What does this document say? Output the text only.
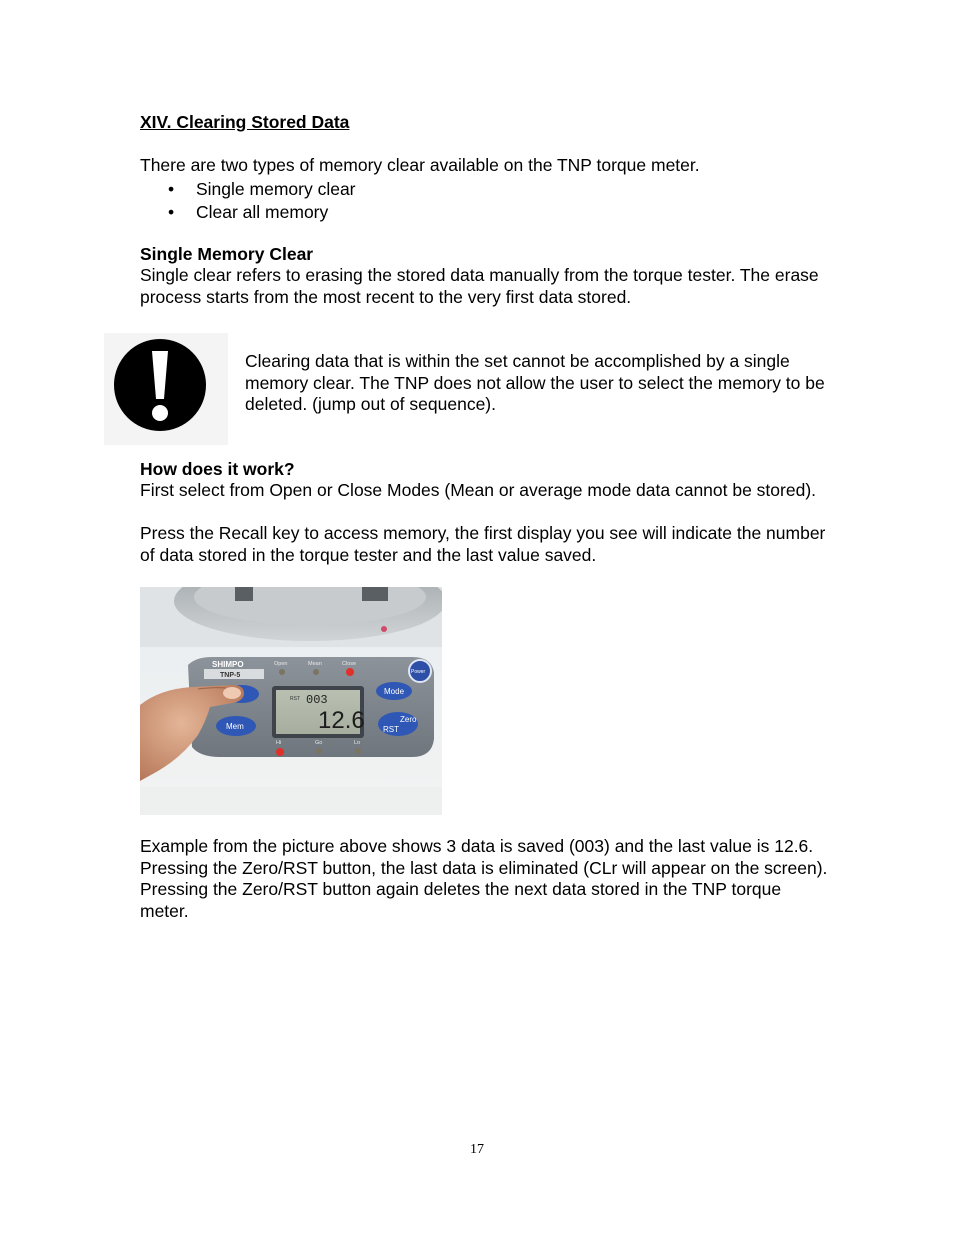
XIV. Clearing Stored Data

There are two types of memory clear available on the TNP torque meter.

• Single memory clear
• Clear all memory

Single Memory Clear

Single clear refers to erasing the stored data manually from the torque tester. The erase process starts from the most recent to the very first data stored.

Clearing data that is within the set cannot be accomplished by a single memory clear. The TNP does not allow the user to select the memory to be deleted. (jump out of sequence).

How does it work?

First select from Open or Close Modes (Mean or average mode data cannot be stored).

Press the Recall key to access memory, the first display you see will indicate the number of data stored in the torque tester and the last value saved.

SHIMPO
TNP-5
Open	Mean	Close
Power
Mem
Mode
Zero
RST
RST 003
12.6
Hi	Go	Lo

Example from the picture above shows 3 data is saved (003) and the last value is 12.6. Pressing the Zero/RST button, the last data is eliminated (CLr will appear on the screen). Pressing the Zero/RST button again deletes the next data stored in the TNP torque meter.

17
